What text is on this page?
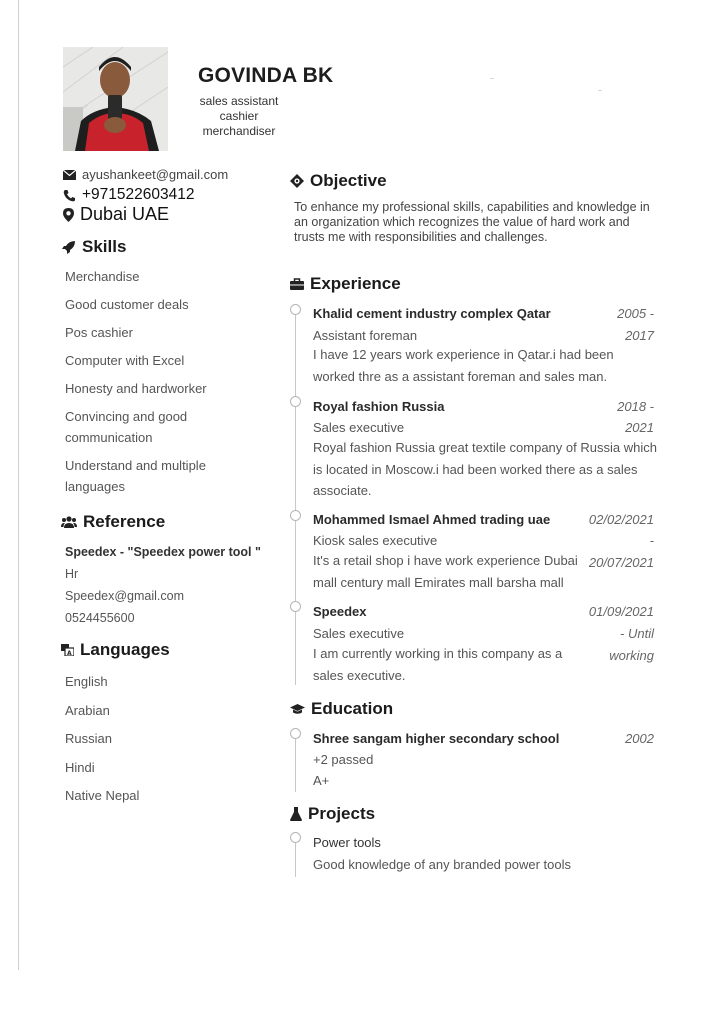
GOVINDA BK
sales assistant
cashier
merchandiser
ayushankeet@gmail.com
+971522603412
Dubai UAE
Skills
Merchandise
Good customer deals
Pos cashier
Computer with Excel
Honesty and hardworker
Convincing and good communication
Understand and multiple languages
Reference
Speedex - "Speedex power tool "
Hr
Speedex@gmail.com
0524455600
A Languages
English
Arabian
Russian
Hindi
Native Nepal
Objective
To enhance my professional skills, capabilities and knowledge in an organization which recognizes the value of hard work and trusts me with responsibilities and challenges.
Experience
Khalid cement industry complex Qatar	2005 -
Assistant foreman	2017
I have 12 years work experience in Qatar.i had been worked thre as a assistant foreman and sales man.
Royal fashion Russia	2018 -
Sales executive	2021
Royal fashion Russia great textile company of Russia which is located in Moscow.i had been worked there as a sales associate.
Mohammed Ismael Ahmed trading uae	02/02/2021
Kiosk sales executive	-
20/07/2021
It's a retail shop i have work experience Dubai mall century mall Emirates mall barsha mall
Speedex	01/09/2021
Sales executive	- Until
working
I am currently working in this company as a sales executive.
Education
Shree sangam higher secondary school	2002
+2 passed
A+
Projects
Power tools
Good knowledge of any branded power tools
